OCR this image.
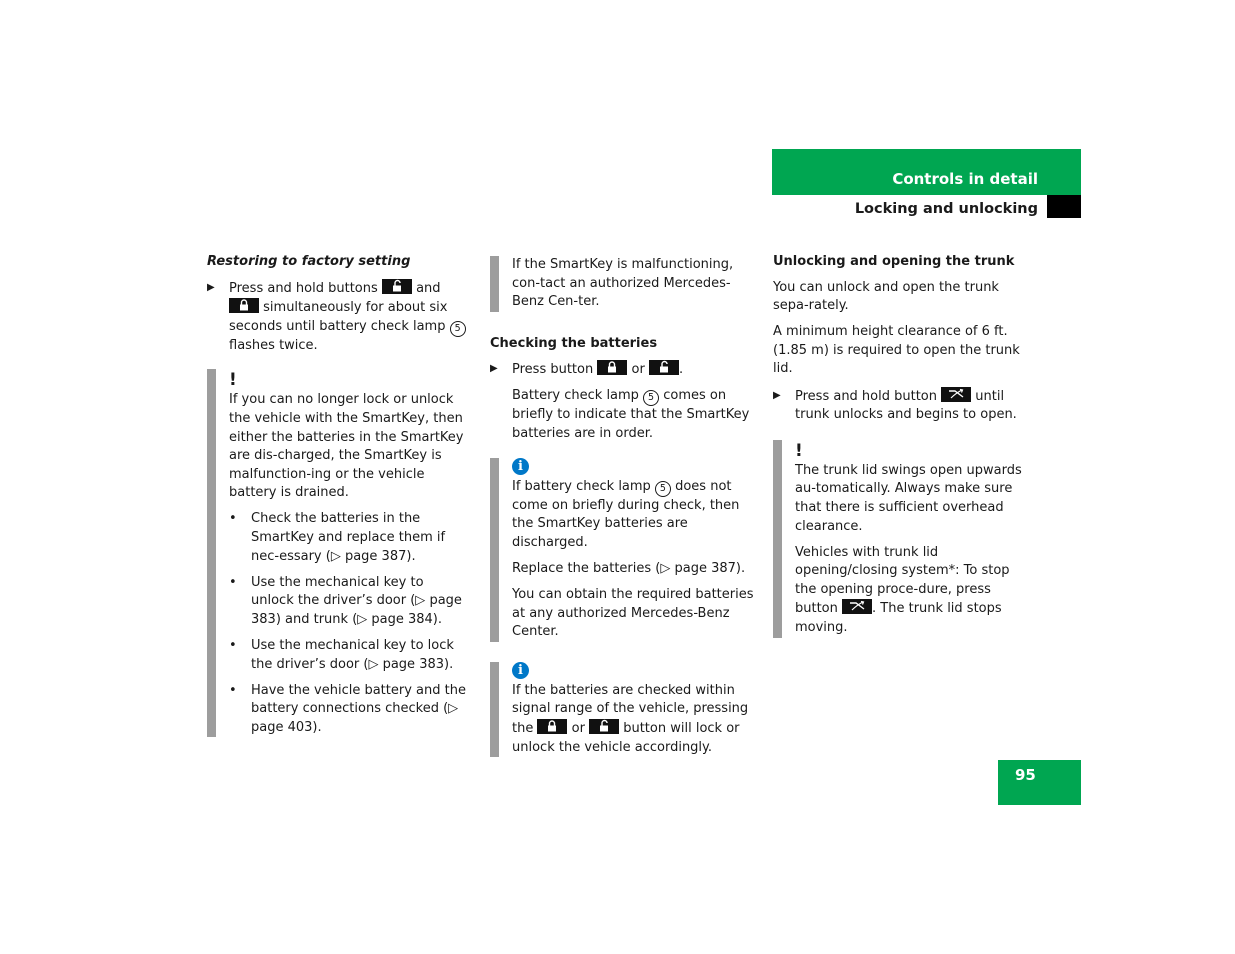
Controls in detail
Locking and unlocking

Restoring to factory setting

▶ Press and hold buttons	and
simultaneously for about six seconds until battery check lamp 5 flashes twice.
!

If you can no longer lock or unlock the vehicle with the SmartKey, then either the batteries in the SmartKey are dis-charged, the SmartKey is malfunction-ing or the vehicle battery is drained.

• Check the batteries in the SmartKey and replace them if nec-essary (▷ page 387).
• Use the mechanical key to unlock the driver’s door (▷ page 383) and trunk (▷ page 384).
• Use the mechanical key to lock the driver’s door (▷ page 383).
• Have the vehicle battery and the battery connections checked (▷ page 403).

If the SmartKey is malfunctioning, con-tact an authorized Mercedes-Benz Cen-ter.

Checking the batteries

▶ Press button	or	.

Battery check lamp 5 comes on briefly to indicate that the SmartKey batteries are in order.

i

If battery check lamp 5 does not come on briefly during check, then the SmartKey batteries are discharged.

Replace the batteries (▷ page 387).

You can obtain the required batteries at any authorized Mercedes-Benz Center.

i

If the batteries are checked within signal range of the vehicle, pressing the	or	button will lock or unlock the vehicle accordingly.

Unlocking and opening the trunk

You can unlock and open the trunk sepa-rately.

A minimum height clearance of 6 ft. (1.85 m) is required to open the trunk lid.

▶ Press and hold button	until trunk unlocks and begins to open.
!

The trunk lid swings open upwards au-tomatically. Always make sure that there is sufficient overhead clearance.

Vehicles with trunk lid opening/closing system*: To stop the opening proce-dure, press button	. The trunk lid stops moving.

95
